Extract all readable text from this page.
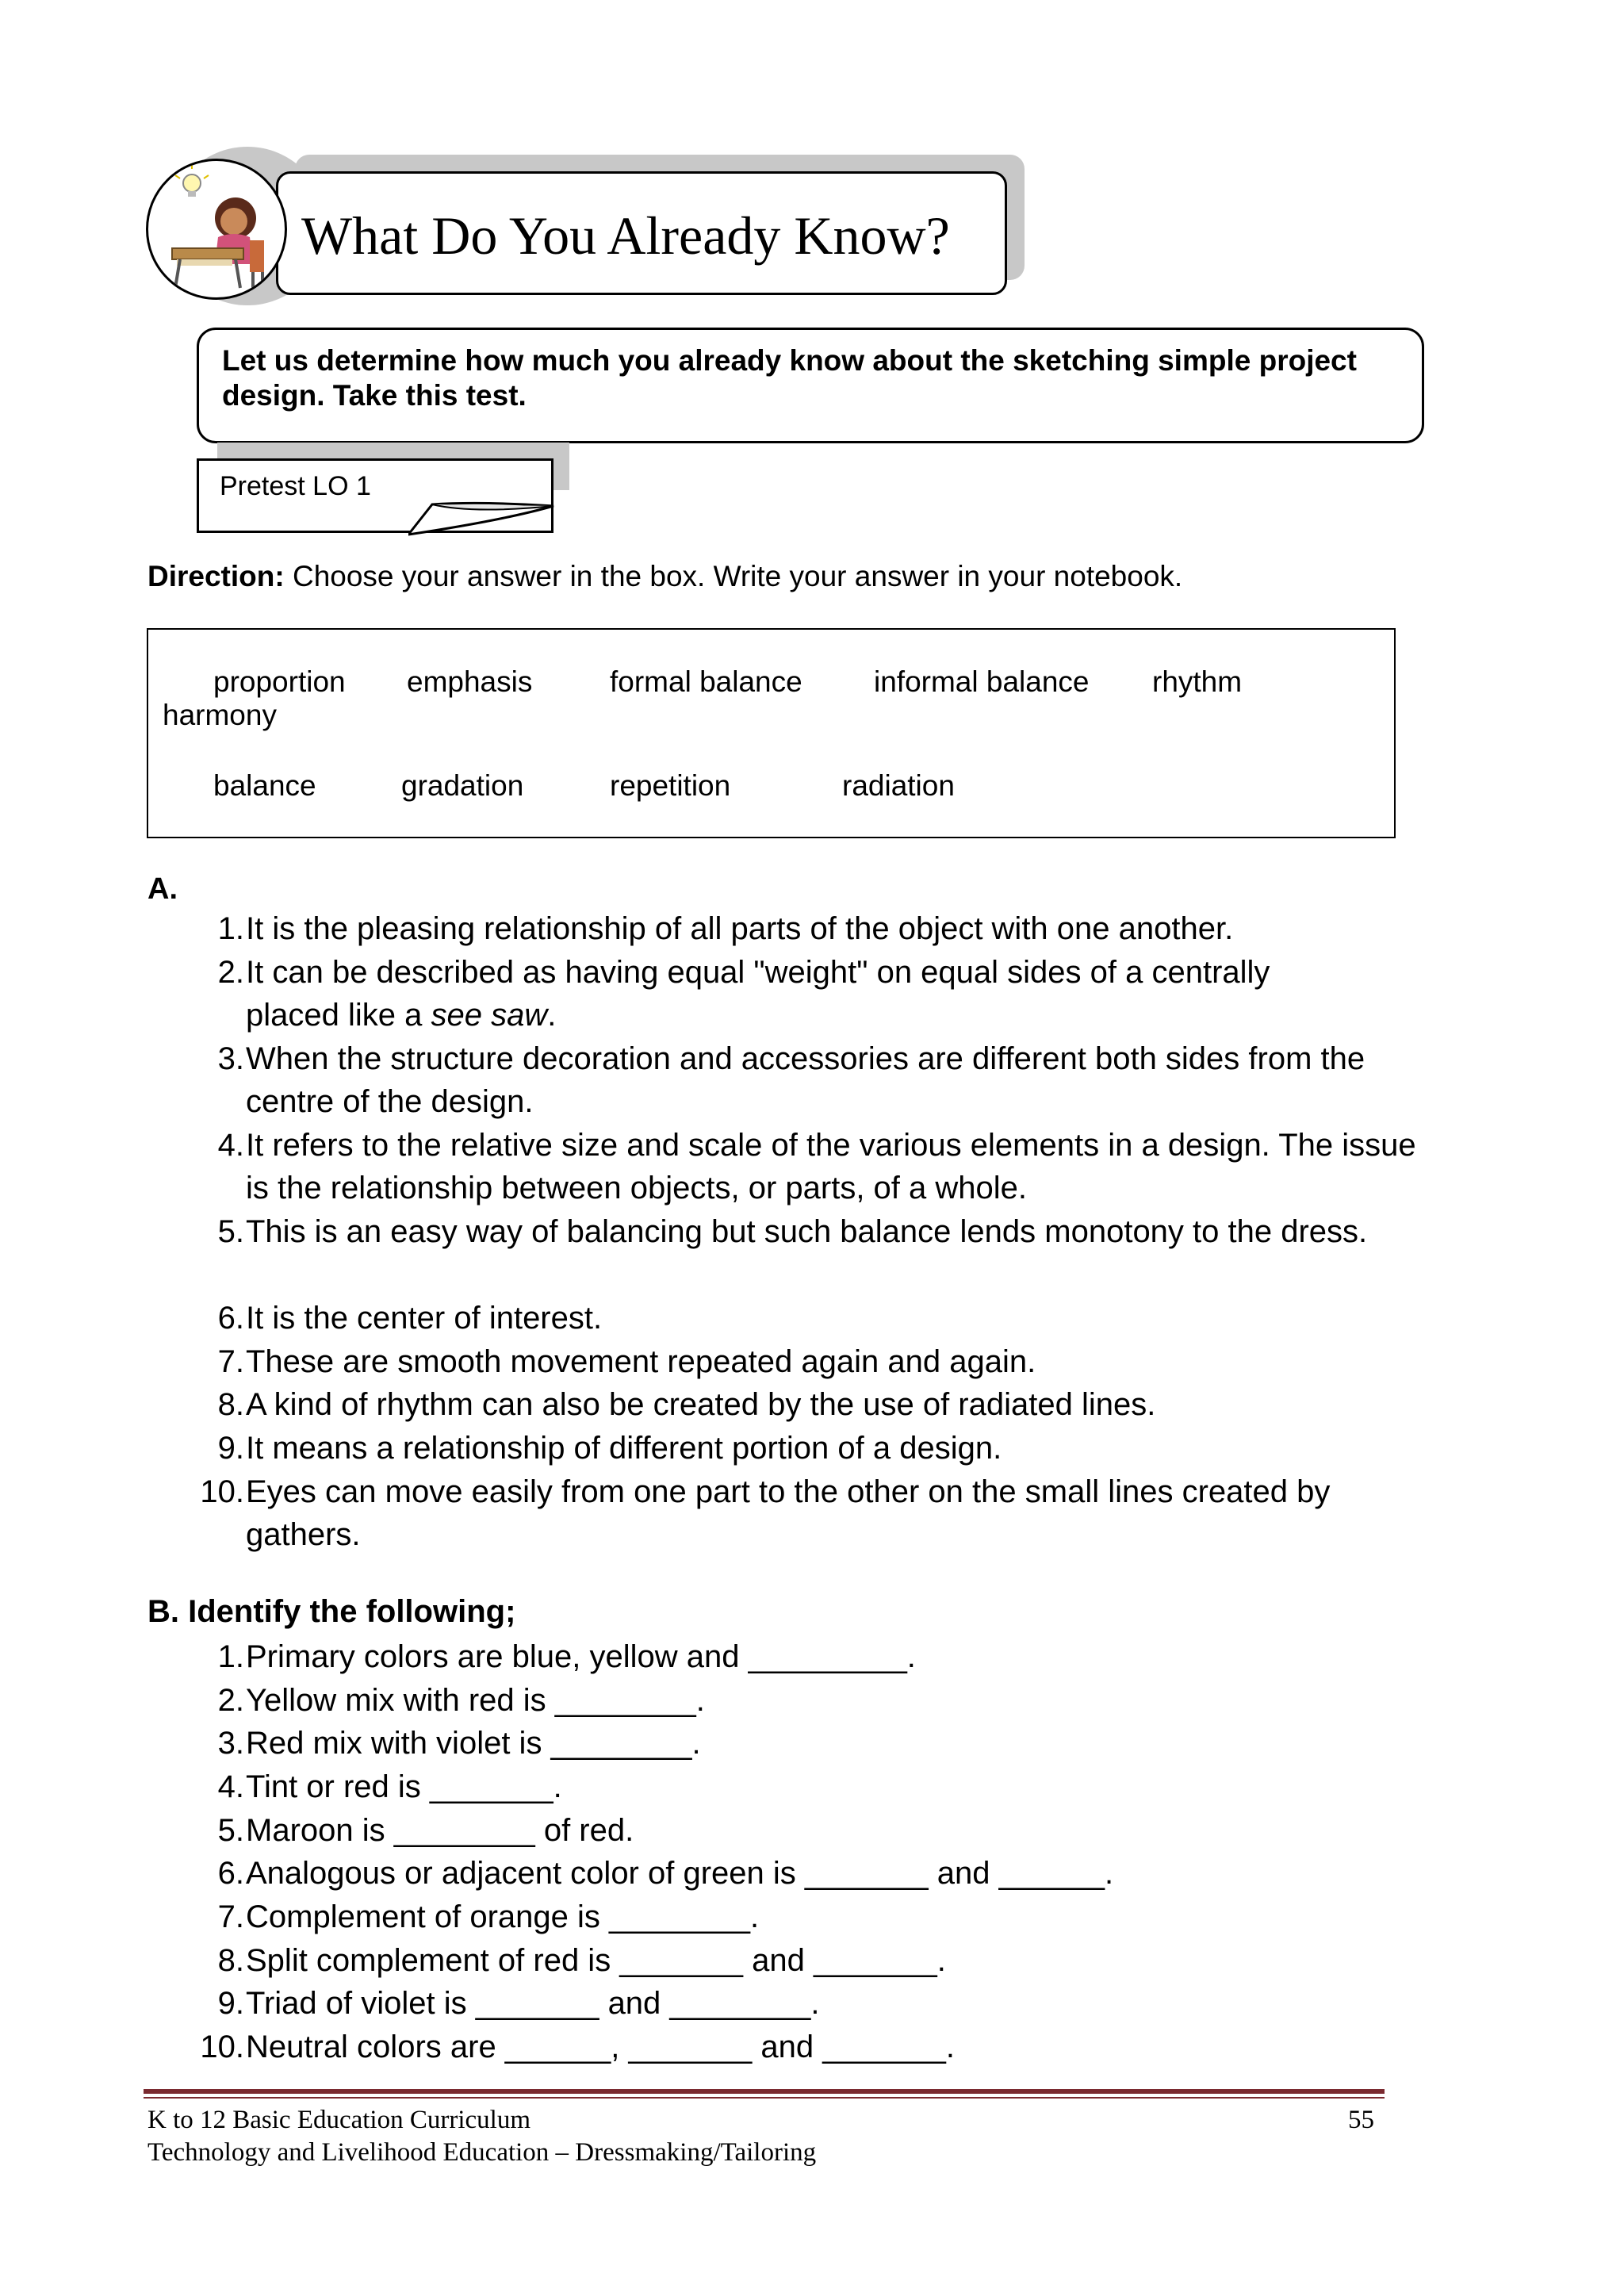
What Do You Already Know?
Let us determine how much you already know about the sketching simple project design. Take this test.
Pretest LO 1
Direction: Choose your answer in the box. Write your answer in your notebook.
proportion emphasis	formal balance informal balance rhythm
harmony
balance	gradation	repetition	radiation
A.
1. It is the pleasing relationship of all parts of the object with one another.
2. It can be described as having equal "weight" on equal sides of a centrally placed like a see saw.
3. When the structure decoration and accessories are different both sides from the centre of the design.
4. It refers to the relative size and scale of the various elements in a design. The issue is the relationship between objects, or parts, of a whole.
5. This is an easy way of balancing but such balance lends monotony to the dress.
6. It is the center of interest.
7. These are smooth movement repeated again and again.
8. A kind of rhythm can also be created by the use of radiated lines.
9. It means a relationship of different portion of a design.
10. Eyes can move easily from one part to the other on the small lines created by gathers.
B. Identify the following;
1. Primary colors are blue, yellow and _________.
2. Yellow mix with red is ________.
3. Red mix with violet is ________.
4. Tint or red is _______.
5. Maroon is ________ of red.
6. Analogous or adjacent color of green is _______ and ______.
7. Complement of orange is ________.
8. Split complement of red is _______ and _______.
9. Triad of violet is _______ and ________.
10. Neutral colors are ______, _______ and _______.
K to 12 Basic Education Curriculum
Technology and Livelihood Education – Dressmaking/Tailoring
55
